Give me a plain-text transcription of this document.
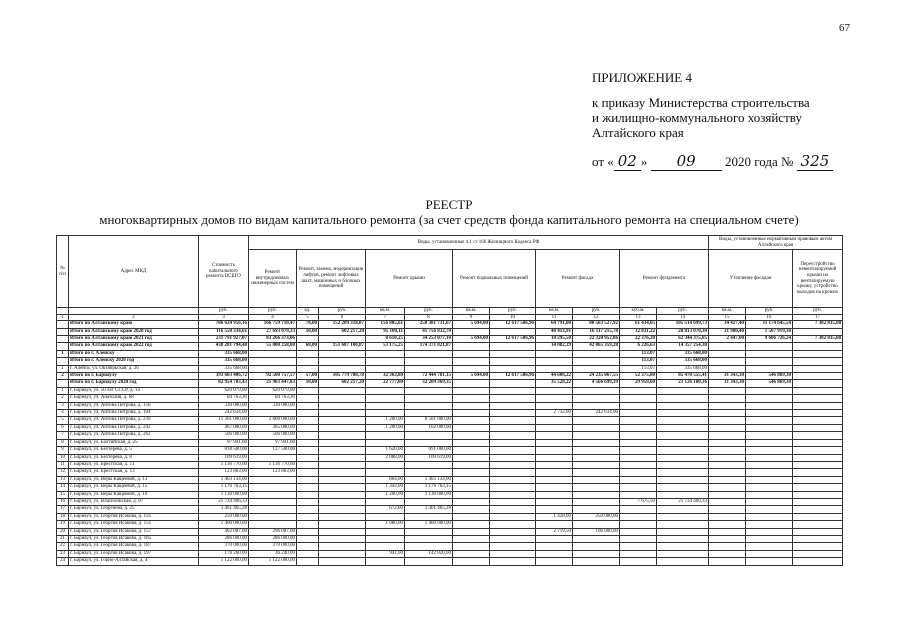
67
ПРИЛОЖЕНИЕ 4
к приказу Министерства строительства
и жилищно-коммунального хозяйству
Алтайского края
от « 02 » 09 2020 года № 325
РЕЕСТР
многоквартирных домов по видам капитального ремонта (за счет средств фонда капитального ремонта на специальном счете)
№ п/п	Адрес МКД	Стоимость капитального ремонта ВСЕГО	Виды, установленные ч.1 ст 166 Жилищного Кодекса РФ											Виды, установленные нормативным правовым актом Алтайского края		
			Ремонт внутридомовых инженерных систем	Ремонт, замена, модернизация лифтов, ремонт лифтовых шахт, машинных и блочных помещений		Ремонт крыши		Ремонт подвальных помещений		Ремонт фасада		Ремонт фундамента		Утепление фасадов		Переустройство невентилируемой крыши на вентилируемую крышу, устройство выходов на кровлю
		руб.	руб.	ед.	руб.	кв.м.	руб.	кв.м.	руб.	кв.м.	руб.	куб.м.	руб.	кв.м.	руб.	руб.
1	2	3	4	5	6	7	8	9	10	11	12	13	14	15	16	17
	Итого по Алтайскому краю	786 624 956,16	166 759 710,47	78,00	152 289 318,07	156 885,61	250 381 731,67	5 694,00	12 617 586,96	64 791,00	80 503 527,92	61 434,05	105 514 699,73	34 427,40	11 174 645,54	7 382 835,80
	Итого по Алтайскому краю 2020 год	116 550 334,61	27 693 079,33	10,00	602 217,20	95 100,11	41 756 832,70			40 413,91	16 117 215,78	32 831,22	28 813 070,30	31 980,40	1 567 919,30	
	Итого по Алтайскому краю 2021 год	231 791 927,07	83 266 373,06			8 610,25	34 253 077,10	5 694,00	12 617 586,96	10 295,50	22 320 952,86	22 376,20	62 344 375,05	2 447,00	9 606 726,24	7 382 835,80
	Итого по Алтайскому краю 2022 год	438 281 794,48	55 800 258,08	68,00	151 687 100,87	53 175,25	174 371 821,87			14 082,39	42 065 359,28	6 226,63	14 357 254,38			
1	Итого по г. Алейску	335 668,00										113,07	335 668,00			
	Итого по г. Алейску 2020 год	335 668,00										113,07	335 668,00			
1	г. Алейск, ул. Октябрьская, д. 26	335 668,00										113,07	335 668,00			
2	Итого по г. Барнаулу	393 603 406,72	92 508 757,57	57,00	105 779 788,78	32 363,80	72 444 781,15	5 694,00	12 617 586,96	44 606,22	24 235 067,55	52 375,80	85 470 555,41	31 343,30	546 869,30	
	Итого по г. Барнаулу 2020 год	82 954 783,43	21 903 447,83	10,00	602 217,20	22 777,00	32 209 369,35			35 528,22	4 566 699,39	29 959,60	23 126 180,36	31 343,30	546 869,30	
1	г. Барнаул, ул. 50 лет СССР, д. 14	620 079,00	620 079,00													
2	г. Барнаул, ул. Анатолия, д. 68	84 763,30	84 763,30													
3	г. Барнаул, ул. Антона Петрова, д. 156	330 000,00	330 000,00													
4	г. Барнаул, ул. Антона Петрова, д. 194	242 634,00								2 732,00	242 634,00					
5	г. Барнаул, ул. Антона Петрова, д. 239	11 301 000,00	2 800 000,00			1 200,00	8 501 000,00									
6	г. Барнаул, ул. Антона Петрова, д. 242	467 000,00	365 000,00			1 200,00	102 000,00									
7	г. Барнаул, ул. Антона Петрова, д. 262	566 000,00	566 000,00													
8	г. Барнаул, ул. Балтийская, д. 25	97 941,00	97 941,00													
9	г. Барнаул, ул. Бехтерева, д. 5	818 500,00	127 500,00			1 620,00	691 000,00									
10	г. Барнаул, ул. Бехтерева, д. 8	109 619,00				2 088,00	109 619,00									
11	г. Барнаул, ул. Брестская, д. 11	1 136 770,00	1 136 770,00													
12	г. Барнаул, ул. Брестская, д. 13	123 863,00	123 863,00													
13	г. Барнаул, ул. Веры Кащеевой, д. 13	1 403 134,00				864,00	1 403 134,00									
14	г. Барнаул, ул. Веры Кащеевой, д. 15	1 176 763,15				1 342,00	1 176 763,15									
15	г. Барнаул, ул. Веры Кащеевой, д. 19	1 130 000,00				1 200,00	1 130 000,00									
16	г. Барнаул, ул. Власихинская, д. 87	21 734 406,33										7 675,50	21 734 406,33			
17	г. Барнаул, ул. Георгиева, д. 25	3 461 465,28				672,00	3 461 465,28									
18	г. Барнаул, ул. Георгия Исакова, д. 135	250 000,00								1 428,00	250 000,00					
19	г. Барнаул, ул. Георгия Исакова, д. 151	1 400 000,00				1 080,00	1 400 000,00									
20	г. Барнаул, ул. Георгия Исакова, д. 157	402 007,00	296 007,00							2 719,50	106 000,00					
21	г. Барнаул, ул. Георгия Исакова, д. 185	286 000,00	286 000,00													
22	г. Барнаул, ул. Георгия Исакова, д. 187	370 000,00	370 000,00													
23	г. Барнаул, ул. Георгия Исакова, д. 197	178 260,00	36 240,00			941,00	142 020,00									
24	г. Барнаул, ул. Горно-Алтайская, д. 4	1 122 000,00	1 122 000,00													
